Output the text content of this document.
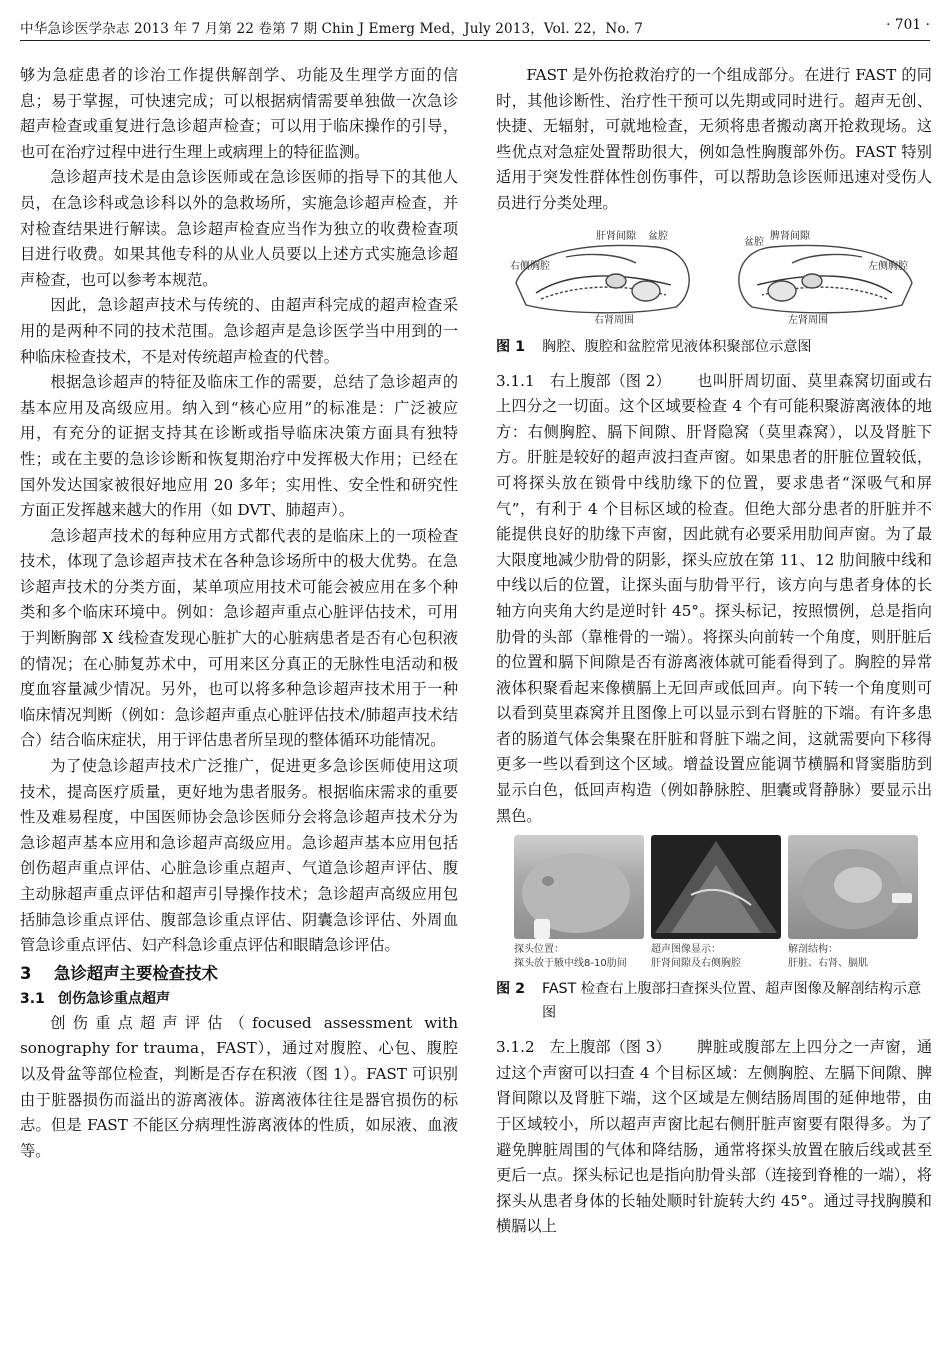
中华急诊医学杂志 2013 年 7 月第 22 卷第 7 期 Chin J Emerg Med，July 2013，Vol. 22，No. 7	· 701 ·

够为急症患者的诊治工作提供解剖学、功能及生理学方面的信息；易于掌握，可快速完成；可以根据病情需要单独做一次急诊超声检查或重复进行急诊超声检查；可以用于临床操作的引导，也可在治疗过程中进行生理上或病理上的特征监测。

急诊超声技术是由急诊医师或在急诊医师的指导下的其他人员，在急诊科或急诊科以外的急救场所，实施急诊超声检查，并对检查结果进行解读。急诊超声检查应当作为独立的收费检查项目进行收费。如果其他专科的从业人员要以上述方式实施急诊超声检查，也可以参考本规范。

因此，急诊超声技术与传统的、由超声科完成的超声检查采用的是两种不同的技术范围。急诊超声是急诊医学当中用到的一种临床检查技术，不是对传统超声检查的代替。

根据急诊超声的特征及临床工作的需要，总结了急诊超声的基本应用及高级应用。纳入到“核心应用”的标准是：广泛被应用，有充分的证据支持其在诊断或指导临床决策方面具有独特性；或在主要的急诊诊断和恢复期治疗中发挥极大作用；已经在国外发达国家被很好地应用 20 多年；实用性、安全性和研究性方面正发挥越来越大的作用（如 DVT、肺超声）。

急诊超声技术的每种应用方式都代表的是临床上的一项检查技术，体现了急诊超声技术在各种急诊场所中的极大优势。在急诊超声技术的分类方面，某单项应用技术可能会被应用在多个种类和多个临床环境中。例如：急诊超声重点心脏评估技术，可用于判断胸部 X 线检查发现心脏扩大的心脏病患者是否有心包积液的情况；在心肺复苏术中，可用来区分真正的无脉性电活动和极度血容量减少情况。另外，也可以将多种急诊超声技术用于一种临床情况判断（例如：急诊超声重点心脏评估技术/肺超声技术结合）结合临床症状，用于评估患者所呈现的整体循环功能情况。

为了使急诊超声技术广泛推广，促进更多急诊医师使用这项技术，提高医疗质量，更好地为患者服务。根据临床需求的重要性及难易程度，中国医师协会急诊医师分会将急诊超声技术分为急诊超声基本应用和急诊超声高级应用。急诊超声基本应用包括创伤超声重点评估、心脏急诊重点超声、气道急诊超声评估、腹主动脉超声重点评估和超声引导操作技术；急诊超声高级应用包括肺急诊重点评估、腹部急诊重点评估、阴囊急诊评估、外周血管急诊重点评估、妇产科急诊重点评估和眼睛急诊评估。

3 急诊超声主要检查技术
3.1 创伤急诊重点超声

创伤重点超声评估（focused assessment with sonography for trauma，FAST），通过对腹腔、心包、腹腔以及骨盆等部位检查，判断是否存在积液（图 1）。FAST 可识别由于脏器损伤而溢出的游离液体。游离液体往往是器官损伤的标志。但是 FAST 不能区分病理性游离液体的性质，如尿液、血液等。

FAST 是外伤抢救治疗的一个组成部分。在进行 FAST 的同时，其他诊断性、治疗性干预可以先期或同时进行。超声无创、快捷、无辐射，可就地检查，无须将患者搬动离开抢救现场。这些优点对急症处置帮助很大，例如急性胸腹部外伤。FAST 特别适用于突发性群体性创伤事件，可以帮助急诊医师迅速对受伤人员进行分类处理。

肝肾间隙 盆腔
盆腔
脾肾间隙
右侧胸腔	左侧胸腔
右肾周围	左肾周围
图 1 胸腔、腹腔和盆腔常见液体积聚部位示意图

3.1.1　右上腹部（图 2） 也叫肝周切面、莫里森窝切面或右上四分之一切面。这个区域要检查 4 个有可能积聚游离液体的地方：右侧胸腔、膈下间隙、肝肾隐窝（莫里森窝），以及肾脏下方。肝脏是较好的超声波扫查声窗。如果患者的肝脏位置较低，可将探头放在锁骨中线肋缘下的位置，要求患者“深吸气和屏气”，有利于 4 个目标区域的检查。但绝大部分患者的肝脏并不能提供良好的肋缘下声窗，因此就有必要采用肋间声窗。为了最大限度地减少肋骨的阴影，探头应放在第 11、12 肋间腋中线和中线以后的位置，让探头面与肋骨平行，该方向与患者身体的长轴方向夹角大约是逆时针 45°。探头标记，按照惯例，总是指向肋骨的头部（靠椎骨的一端）。将探头向前转一个角度，则肝脏后的位置和膈下间隙是否有游离液体就可能看得到了。胸腔的异常液体积聚看起来像横膈上无回声或低回声。向下转一个角度则可以看到莫里森窝并且图像上可以显示到右肾脏的下端。有许多患者的肠道气体会集聚在肝脏和肾脏下端之间，这就需要向下移得更多一些以看到这个区域。增益设置应能调节横膈和肾窦脂肪到显示白色，低回声构造（例如静脉腔、胆囊或肾静脉）要显示出黑色。

探头位置：
探头放于腋中线8-10肋间
超声图像显示：
肝肾间隙及右侧胸腔
解剖结构：
肝脏、右肾、膈肌
图 2 FAST 检查右上腹部扫查探头位置、超声图像及解剖结构示意图

3.1.2　左上腹部（图 3） 脾脏或腹部左上四分之一声窗，通过这个声窗可以扫查 4 个目标区域：左侧胸腔、左膈下间隙、脾肾间隙以及肾脏下端，这个区域是左侧结肠周围的延伸地带，由于区域较小，所以超声声窗比起右侧肝脏声窗要有限得多。为了避免脾脏周围的气体和降结肠，通常将探头放置在腋后线或甚至更后一点。探头标记也是指向肋骨头部（连接到脊椎的一端），将探头从患者身体的长轴处顺时针旋转大约 45°。通过寻找胸膜和横膈以上
